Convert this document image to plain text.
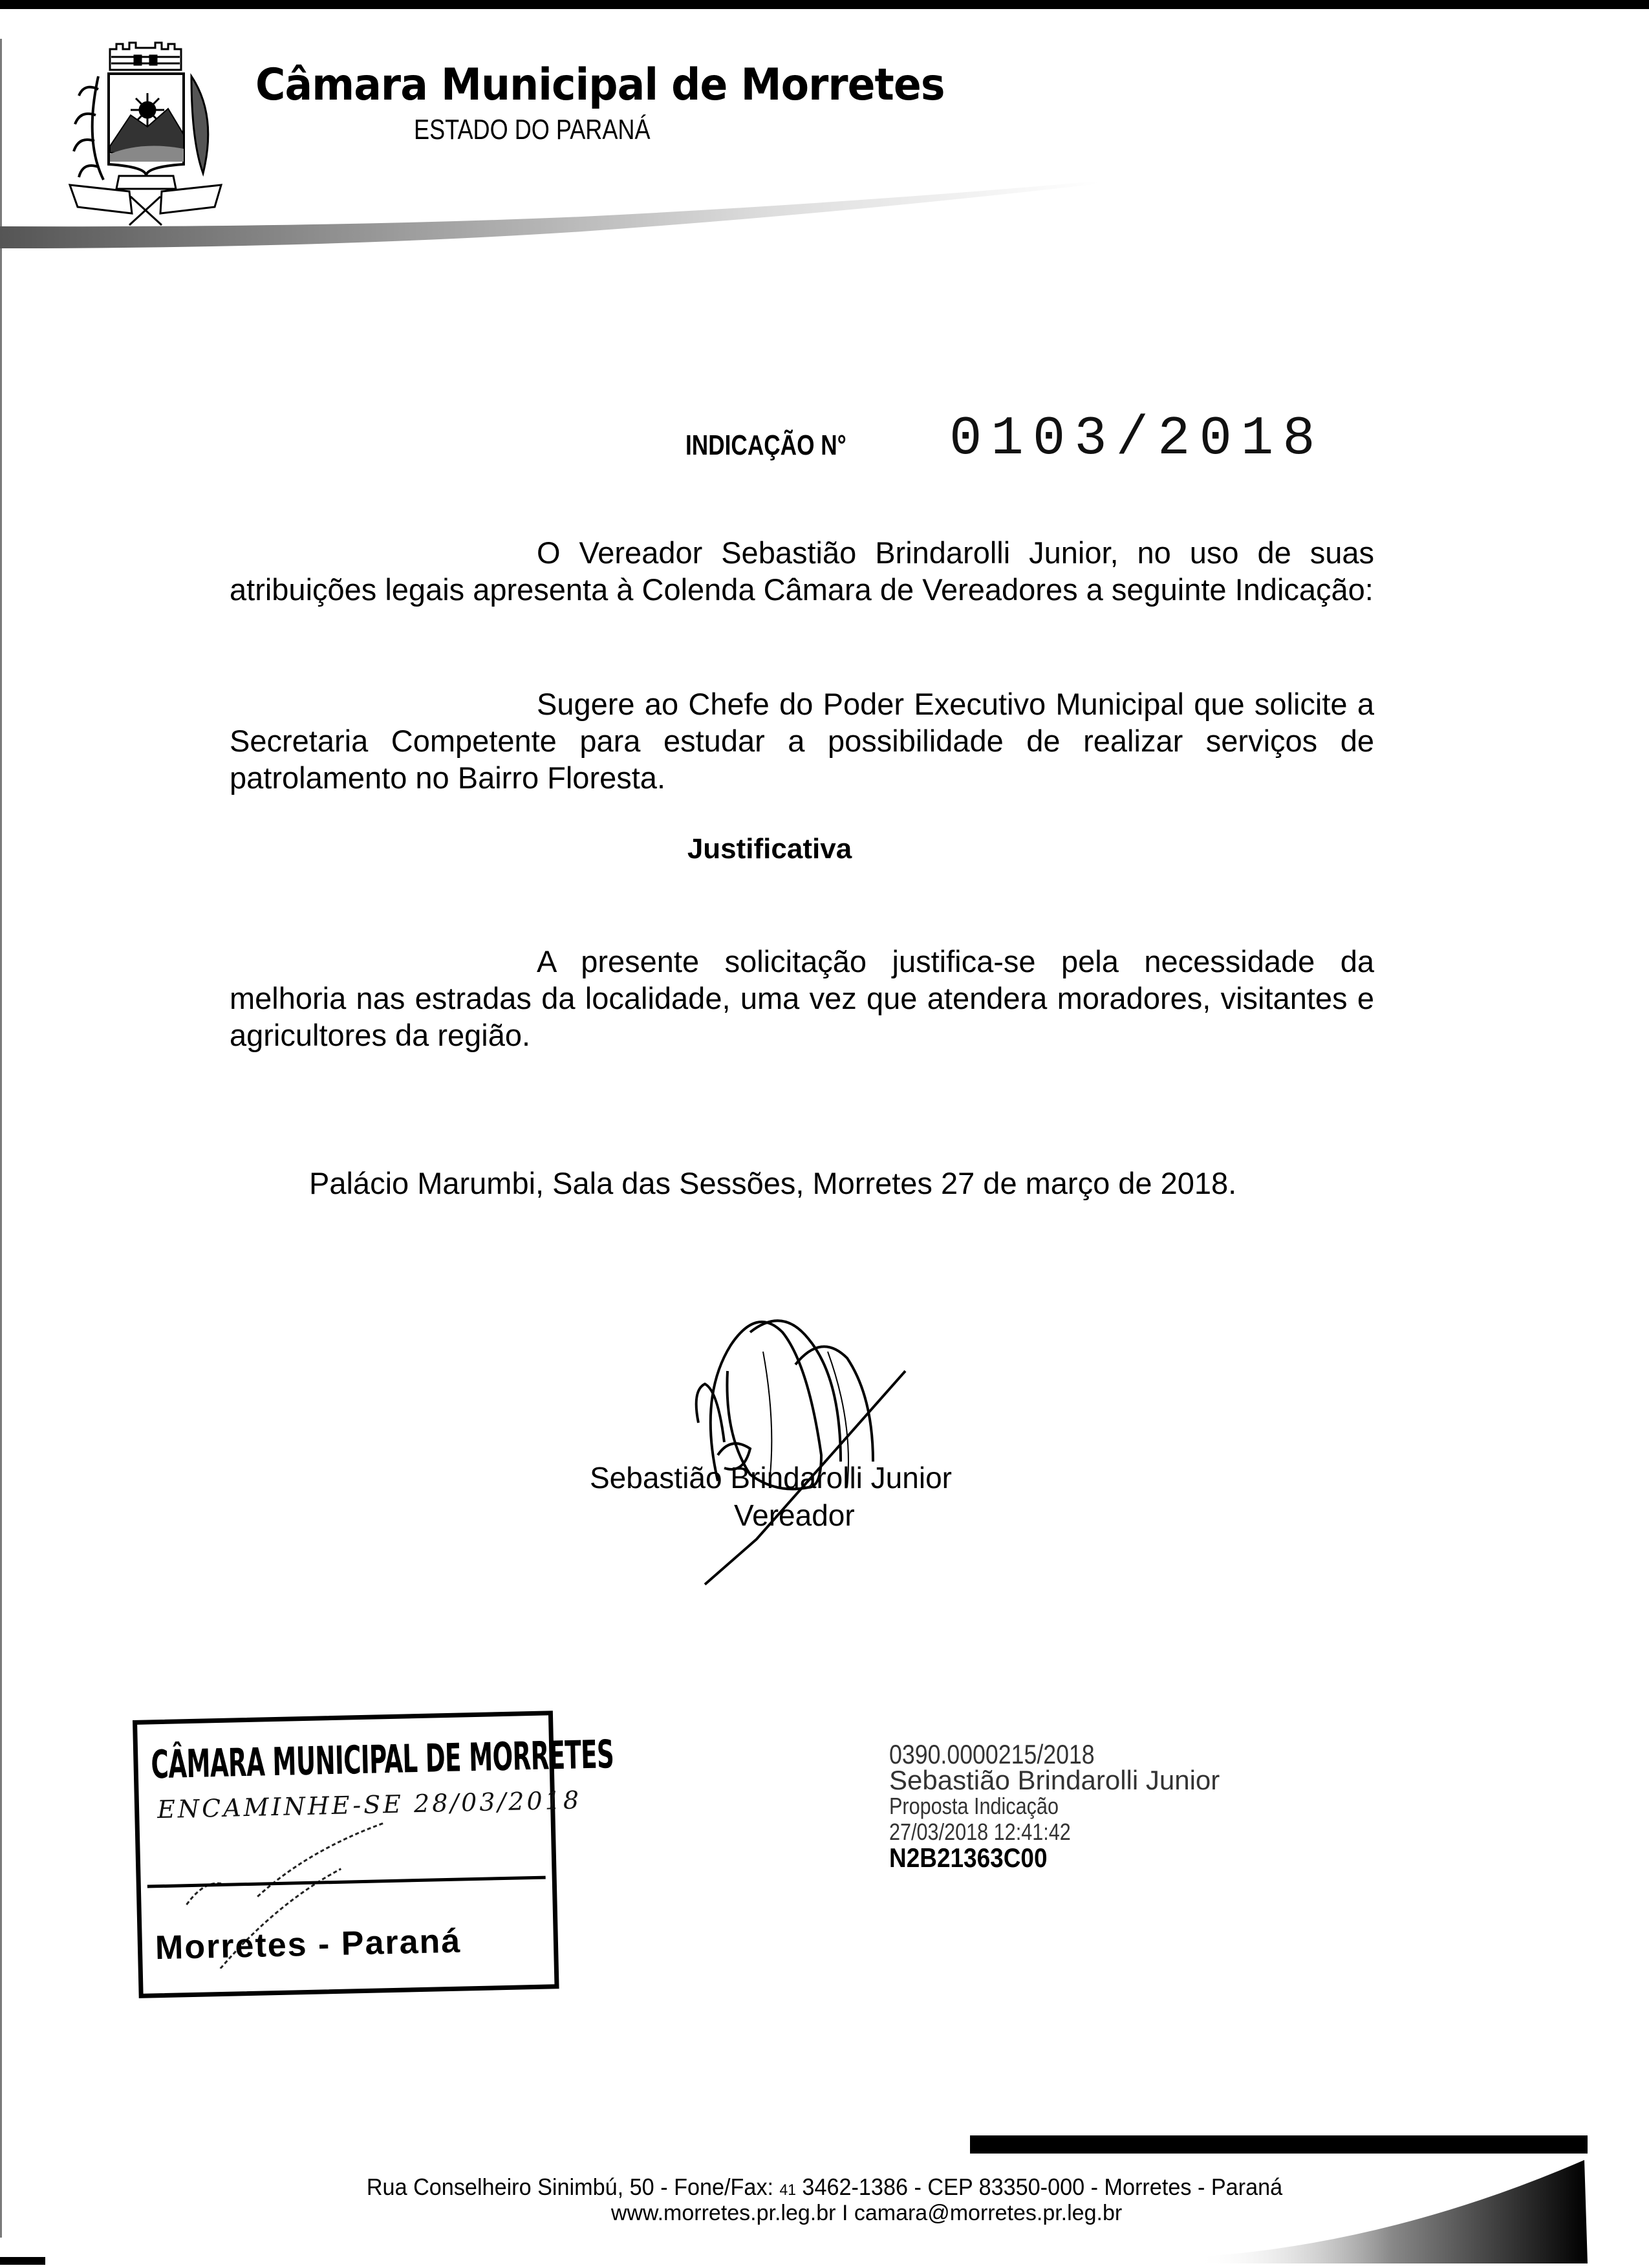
Câmara Municipal de Morretes
ESTADO DO PARANÁ
INDICAÇÃO N° 0103/2018
O Vereador Sebastião Brindarolli Junior, no uso de suas atribuições legais apresenta à Colenda Câmara de Vereadores a seguinte Indicação:
Sugere ao Chefe do Poder Executivo Municipal que solicite a Secretaria Competente para estudar a possibilidade de realizar serviços de patrolamento no Bairro Floresta.
Justificativa
A presente solicitação justifica-se pela necessidade da melhoria nas estradas da localidade, uma vez que atendera moradores, visitantes e agricultores da região.
Palácio Marumbi, Sala das Sessões, Morretes 27 de março de 2018.
Sebastião Brindarolli Junior
Vereador
CÂMARA MUNICIPAL DE MORRETES
ENCAMINHE-SE 28/03/2018
Morretes - Paraná
0390.0000215/2018
Sebastião Brindarolli Junior
Proposta Indicação
27/03/2018 12:41:42
N2B21363C00
Rua Conselheiro Sinimbú, 50 - Fone/Fax: 41 3462-1386 - CEP 83350-000 - Morretes - Paraná
www.morretes.pr.leg.br I camara@morretes.pr.leg.br
